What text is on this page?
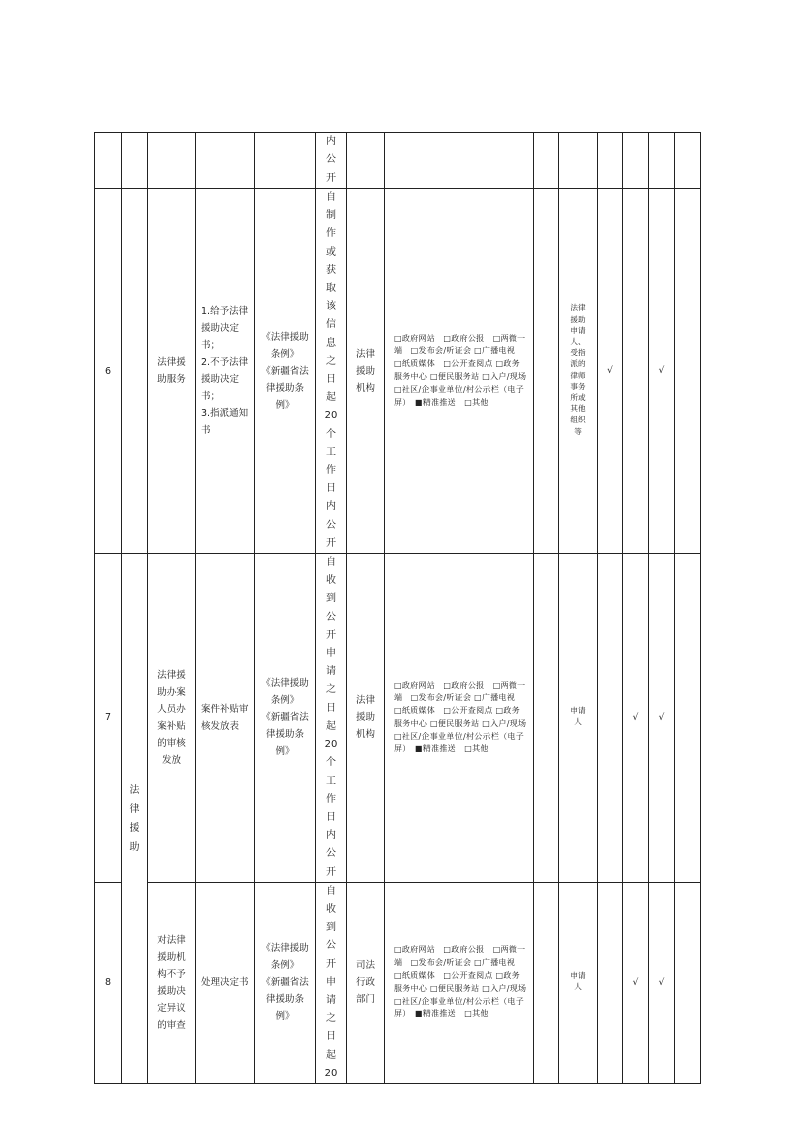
					内公开								
6		法律援助服务	1.给予法律援助决定书；
2.不予法律援助决定书；
3.指派通知书	《法律援助条例》
《新疆省法律援助条例》	自制作或获取该信息之日起20个工作日内公开	法律援助机构	□政府网站　□政府公报　□两微一端　□发布会/听证会 □广播电视　□纸质媒体　□公开查阅点 □政务服务中心 □便民服务站 □入户/现场　□社区/企事业单位/村公示栏（电子屏）　■精准推送　□其他		法律援助申请人、受指派的律师事务所或其他组织等	√		√	
7	法律援助	法律援助办案人员办案补贴的审核发放	案件补贴审核发放表	《法律援助条例》
《新疆省法律援助条例》	自收到公开申请之日起20个工作日内公开	法律援助机构	□政府网站　□政府公报　□两微一端　□发布会/听证会 □广播电视　□纸质媒体　□公开查阅点 □政务服务中心 □便民服务站 □入户/现场　□社区/企事业单位/村公示栏（电子屏）　■精准推送　□其他		申请人		√	√	
8		对法律援助机构不予援助决定异议的审查	处理决定书	《法律援助条例》
《新疆省法律援助条例》	自收到公开申请之日起20	司法行政部门	□政府网站　□政府公报　□两微一端　□发布会/听证会 □广播电视　□纸质媒体　□公开查阅点 □政务服务中心 □便民服务站 □入户/现场　□社区/企事业单位/村公示栏（电子屏）　■精准推送　□其他		申请人		√	√	
